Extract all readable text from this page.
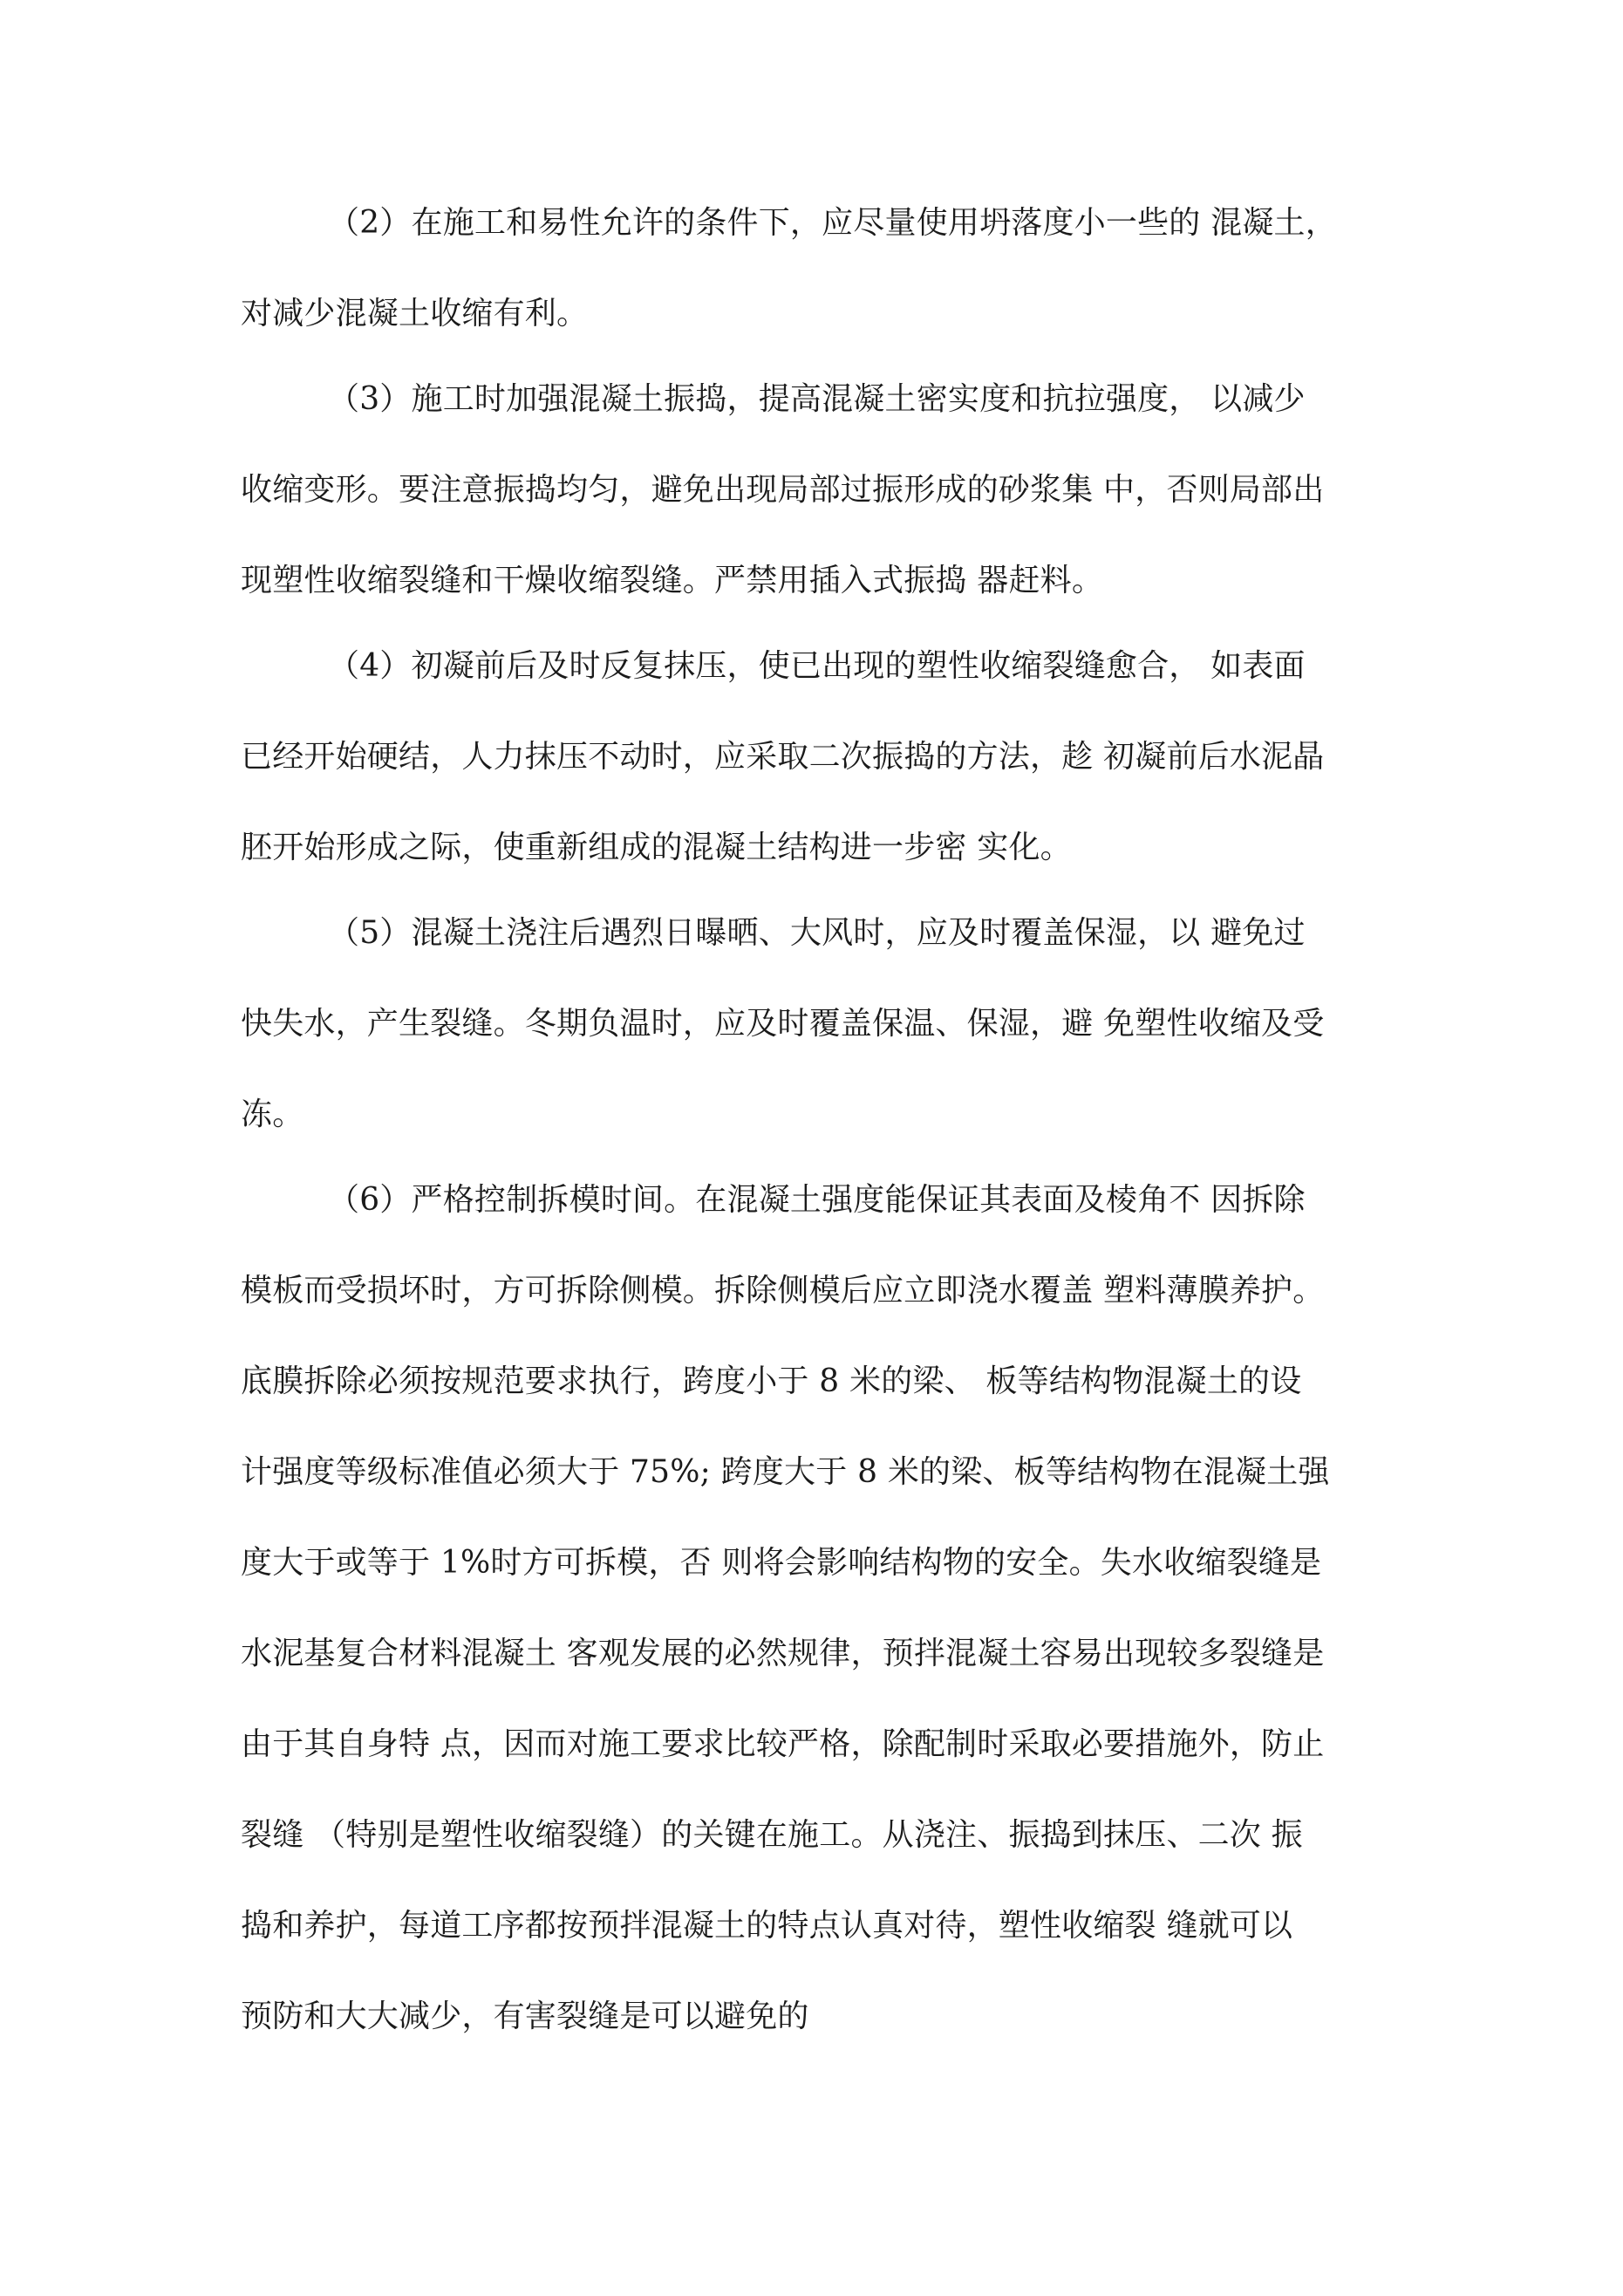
（2）在施工和易性允许的条件下，应尽量使用坍落度小一些的 混凝土，
对减少混凝土收缩有利。
（3）施工时加强混凝土振捣，提高混凝土密实度和抗拉强度， 以减少
收缩变形。要注意振捣均匀，避免出现局部过振形成的砂浆集 中，否则局部出
现塑性收缩裂缝和干燥收缩裂缝。严禁用插入式振捣 器赶料。
（4）初凝前后及时反复抹压，使已出现的塑性收缩裂缝愈合， 如表面
已经开始硬结，人力抹压不动时，应采取二次振捣的方法，趁 初凝前后水泥晶
胚开始形成之际，使重新组成的混凝土结构进一步密 实化。
（5）混凝土浇注后遇烈日曝晒、大风时，应及时覆盖保湿，以 避免过
快失水，产生裂缝。冬期负温时，应及时覆盖保温、保湿，避 免塑性收缩及受
冻。
（6）严格控制拆模时间。在混凝土强度能保证其表面及棱角不 因拆除
模板而受损坏时，方可拆除侧模。拆除侧模后应立即浇水覆盖 塑料薄膜养护。
底膜拆除必须按规范要求执行，跨度小于 8 米的梁、 板等结构物混凝土的设
计强度等级标准值必须大于 75%; 跨度大于 8 米的梁、板等结构物在混凝土强
度大于或等于 1%时方可拆模，否 则将会影响结构物的安全。失水收缩裂缝是
水泥基复合材料混凝土 客观发展的必然规律，预拌混凝土容易出现较多裂缝是
由于其自身特 点，因而对施工要求比较严格，除配制时采取必要措施外，防止
裂缝 （特别是塑性收缩裂缝）的关键在施工。从浇注、振捣到抹压、二次 振
捣和养护，每道工序都按预拌混凝土的特点认真对待，塑性收缩裂 缝就可以
预防和大大减少，有害裂缝是可以避免的
